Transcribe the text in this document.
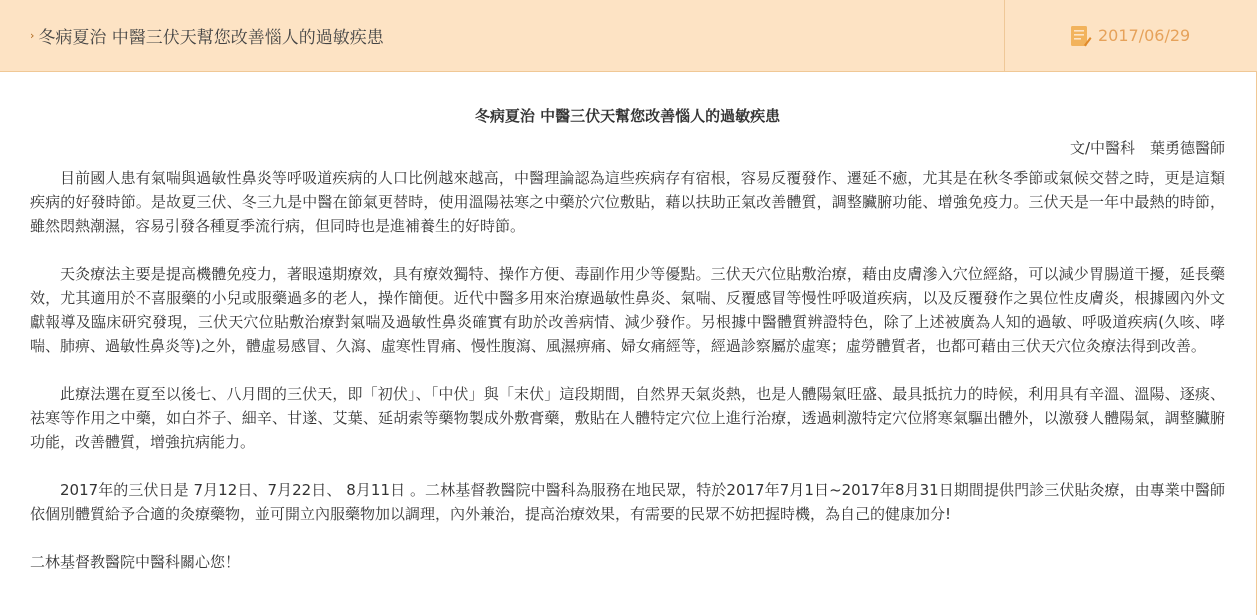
› 冬病夏治 中醫三伏天幫您改善惱人的過敏疾患	2017/06/29
冬病夏治 中醫三伏天幫您改善惱人的過敏疾患
文/中醫科　葉勇德醫師

目前國人患有氣喘與過敏性鼻炎等呼吸道疾病的人口比例越來越高，中醫理論認為這些疾病存有宿根，容易反覆發作、遷延不癒，尤其是在秋冬季節或氣候交替之時，更是這類疾病的好發時節。是故夏三伏、冬三九是中醫在節氣更替時，使用溫陽祛寒之中藥於穴位敷貼，藉以扶助正氣改善體質，調整臟腑功能、增強免疫力。三伏天是一年中最熱的時節，雖然悶熱潮濕，容易引發各種夏季流行病，但同時也是進補養生的好時節。

天灸療法主要是提高機體免疫力，著眼遠期療效，具有療效獨特、操作方便、毒副作用少等優點。三伏天穴位貼敷治療，藉由皮膚滲入穴位經絡，可以減少胃腸道干擾，延長藥效，尤其適用於不喜服藥的小兒或服藥過多的老人，操作簡便。近代中醫多用來治療過敏性鼻炎、氣喘、反覆感冒等慢性呼吸道疾病，以及反覆發作之異位性皮膚炎，根據國內外文獻報導及臨床研究發現，三伏天穴位貼敷治療對氣喘及過敏性鼻炎確實有助於改善病情、減少發作。另根據中醫體質辨證特色，除了上述被廣為人知的過敏、呼吸道疾病(久咳、哮喘、肺痹、過敏性鼻炎等)之外，體虛易感冒、久瀉、虛寒性胃痛、慢性腹瀉、風濕痹痛、婦女痛經等，經過診察屬於虛寒；虛勞體質者，也都可藉由三伏天穴位灸療法得到改善。

此療法選在夏至以後七、八月間的三伏天，即「初伏」、「中伏」與「末伏」這段期間，自然界天氣炎熱，也是人體陽氣旺盛、最具抵抗力的時候，利用具有辛溫、溫陽、逐痰、祛寒等作用之中藥，如白芥子、細辛、甘遂、艾葉、延胡索等藥物製成外敷膏藥，敷貼在人體特定穴位上進行治療，透過刺激特定穴位將寒氣驅出體外，以激發人體陽氣，調整臟腑功能，改善體質，增強抗病能力。

2017年的三伏日是 7月12日、7月22日、 8月11日 。二林基督教醫院中醫科為服務在地民眾，特於2017年7月1日~2017年8月31日期間提供門診三伏貼灸療，由專業中醫師依個別體質給予合適的灸療藥物，並可開立內服藥物加以調理，內外兼治，提高治療效果，有需要的民眾不妨把握時機，為自己的健康加分!

二林基督教醫院中醫科關心您！
